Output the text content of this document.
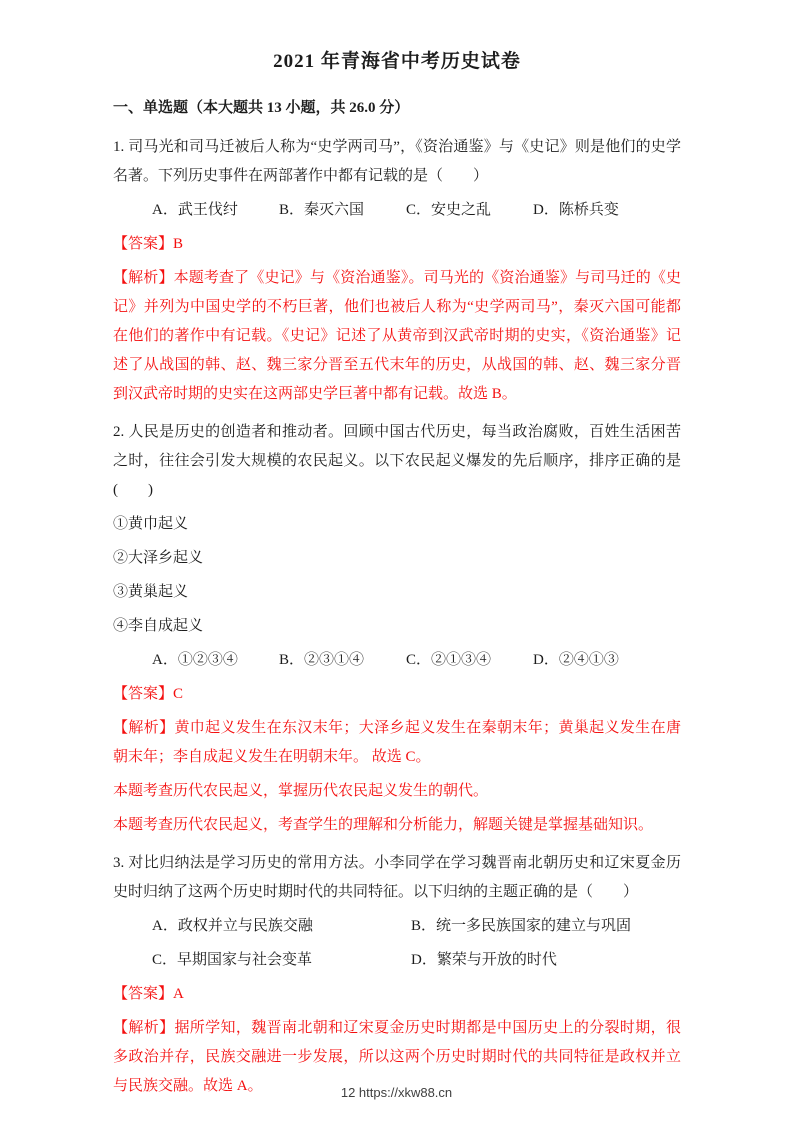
2021 年青海省中考历史试卷
一、单选题（本大题共 13 小题，共 26.0 分）

1. 司马光和司马迁被后人称为“史学两司马”，《资治通鉴》与《史记》则是他们的史学名著。下列历史事件在两部著作中都有记载的是（　　）

A．武王伐纣	B．秦灭六国	C．安史之乱	D．陈桥兵变

【答案】B

【解析】本题考查了《史记》与《资治通鉴》。司马光的《资治通鉴》与司马迁的《史记》并列为中国史学的不朽巨著，他们也被后人称为“史学两司马”，秦灭六国可能都在他们的著作中有记载。《史记》记述了从黄帝到汉武帝时期的史实，《资治通鉴》记述了从战国的韩、赵、魏三家分晋至五代末年的历史，从战国的韩、赵、魏三家分晋到汉武帝时期的史实在这两部史学巨著中都有记载。故选 B。

2. 人民是历史的创造者和推动者。回顾中国古代历史，每当政治腐败，百姓生活困苦之时，往往会引发大规模的农民起义。以下农民起义爆发的先后顺序，排序正确的是(　　)

①黄巾起义

②大泽乡起义

③黄巢起义

④李自成起义

A．①②③④	B．②③①④	C．②①③④	D．②④①③

【答案】C

【解析】黄巾起义发生在东汉末年；大泽乡起义发生在秦朝末年；黄巢起义发生在唐朝末年；李自成起义发生在明朝末年。 故选 C。

本题考查历代农民起义，掌握历代农民起义发生的朝代。

本题考查历代农民起义，考查学生的理解和分析能力，解题关键是掌握基础知识。

3. 对比归纳法是学习历史的常用方法。小李同学在学习魏晋南北朝历史和辽宋夏金历史时归纳了这两个历史时期时代的共同特征。以下归纳的主题正确的是（　　）

A．政权并立与民族交融	B．统一多民族国家的建立与巩固
C．早期国家与社会变革	D．繁荣与开放的时代

【答案】A

【解析】据所学知，魏晋南北朝和辽宋夏金历史时期都是中国历史上的分裂时期，很多政治并存，民族交融进一步发展，所以这两个历史时期时代的共同特征是政权并立与民族交融。故选 A。	12 https://xkw88.cn
